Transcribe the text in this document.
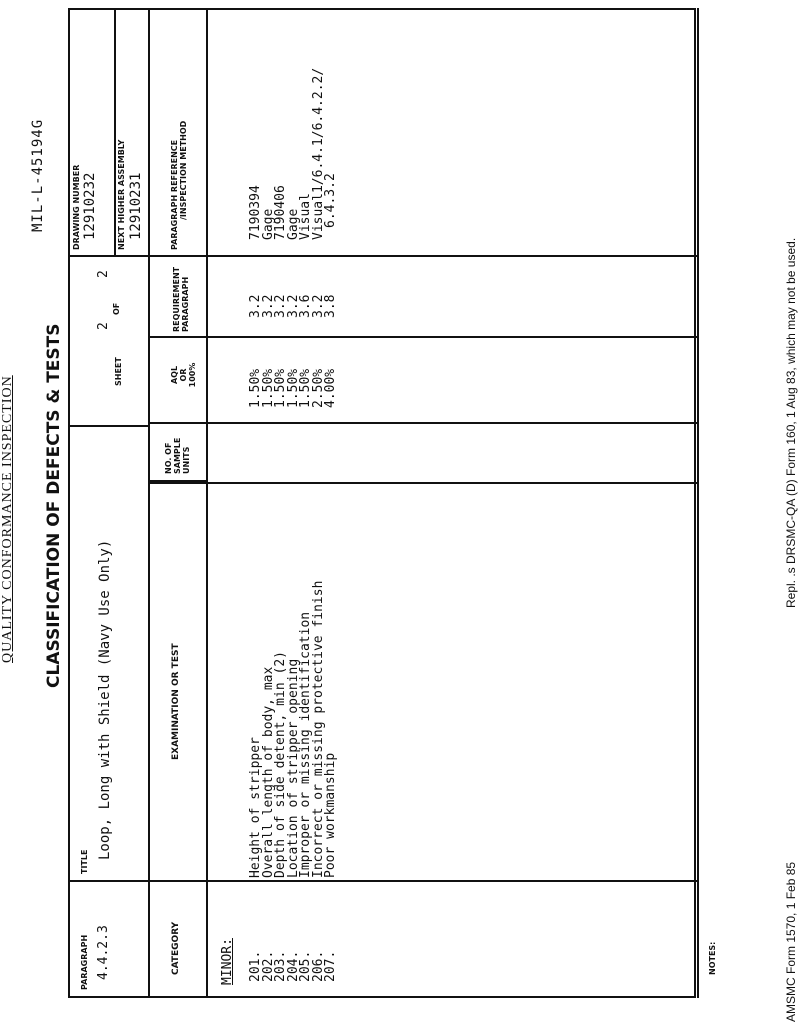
QUALITY CONFORMANCE INSPECTION
MIL-L-45194G
CLASSIFICATION OF DEFECTS & TESTS
PARAGRAPH 4.4.2.3
TITLE
Loop, Long with Shield (Navy Use Only)
SHEET
2
OF
2
DRAWING NUMBER 12910232 NEXT HIGHER ASSEMBLY 12910231
CATEGORY
EXAMINATION OR TEST
NO. OF
SAMPLE
UNITS
AQL
OR
100%
REQUIREMENT
PARAGRAPH
PARAGRAPH REFERENCE
/INSPECTION METHOD
MINOR: 201.
202.
203.
204.
205.
206.
207.
Height of stripper
Overall length of body, max
Depth of side detent, min (2)
Location of stripper opening
Improper or missing identification
Incorrect or missing protective finish
Poor workmanship
1.50%
1.50%
1.50%
1.50%
1.50%
2.50%
4.00%
3.2
3.2
3.2
3.2
3.6
3.2
3.8
7190394
Gage
7190406
Gage
Visual
Visual1/6.4.1/6.4.2.2/
6.4.3.2
NOTES:	AMSMC Form 1570, 1 Feb 85
Repl. .s DRSMC-QA (D) Form 160, 1 Aug 83, which may not be used.
